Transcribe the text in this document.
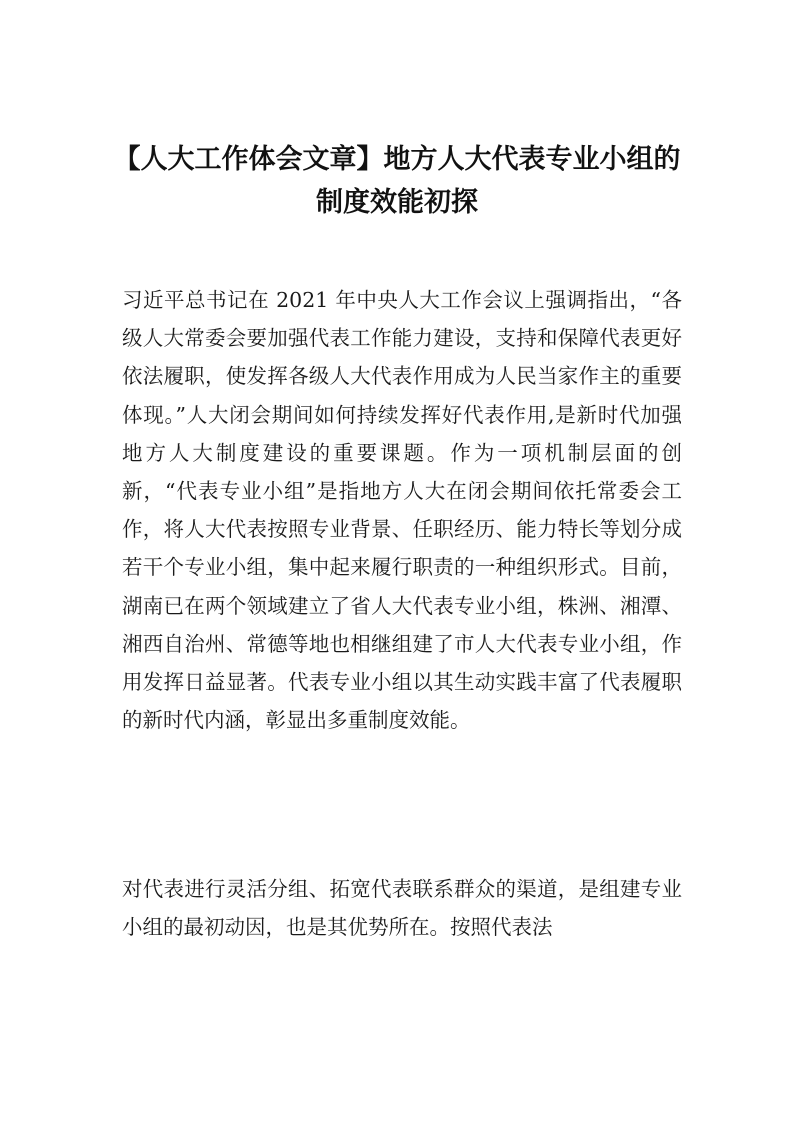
【人大工作体会文章】地方人大代表专业小组的制度效能初探

习近平总书记在 2021 年中央人大工作会议上强调指出，“各级人大常委会要加强代表工作能力建设，支持和保障代表更好依法履职，使发挥各级人大代表作用成为人民当家作主的重要体现。”人大闭会期间如何持续发挥好代表作用,是新时代加强地方人大制度建设的重要课题。作为一项机制层面的创新，“代表专业小组”是指地方人大在闭会期间依托常委会工作，将人大代表按照专业背景、任职经历、能力特长等划分成若干个专业小组，集中起来履行职责的一种组织形式。目前，湖南已在两个领域建立了省人大代表专业小组，株洲、湘潭、湘西自治州、常德等地也相继组建了市人大代表专业小组，作用发挥日益显著。代表专业小组以其生动实践丰富了代表履职的新时代内涵，彰显出多重制度效能。

对代表进行灵活分组、拓宽代表联系群众的渠道，是组建专业小组的最初动因，也是其优势所在。按照代表法
